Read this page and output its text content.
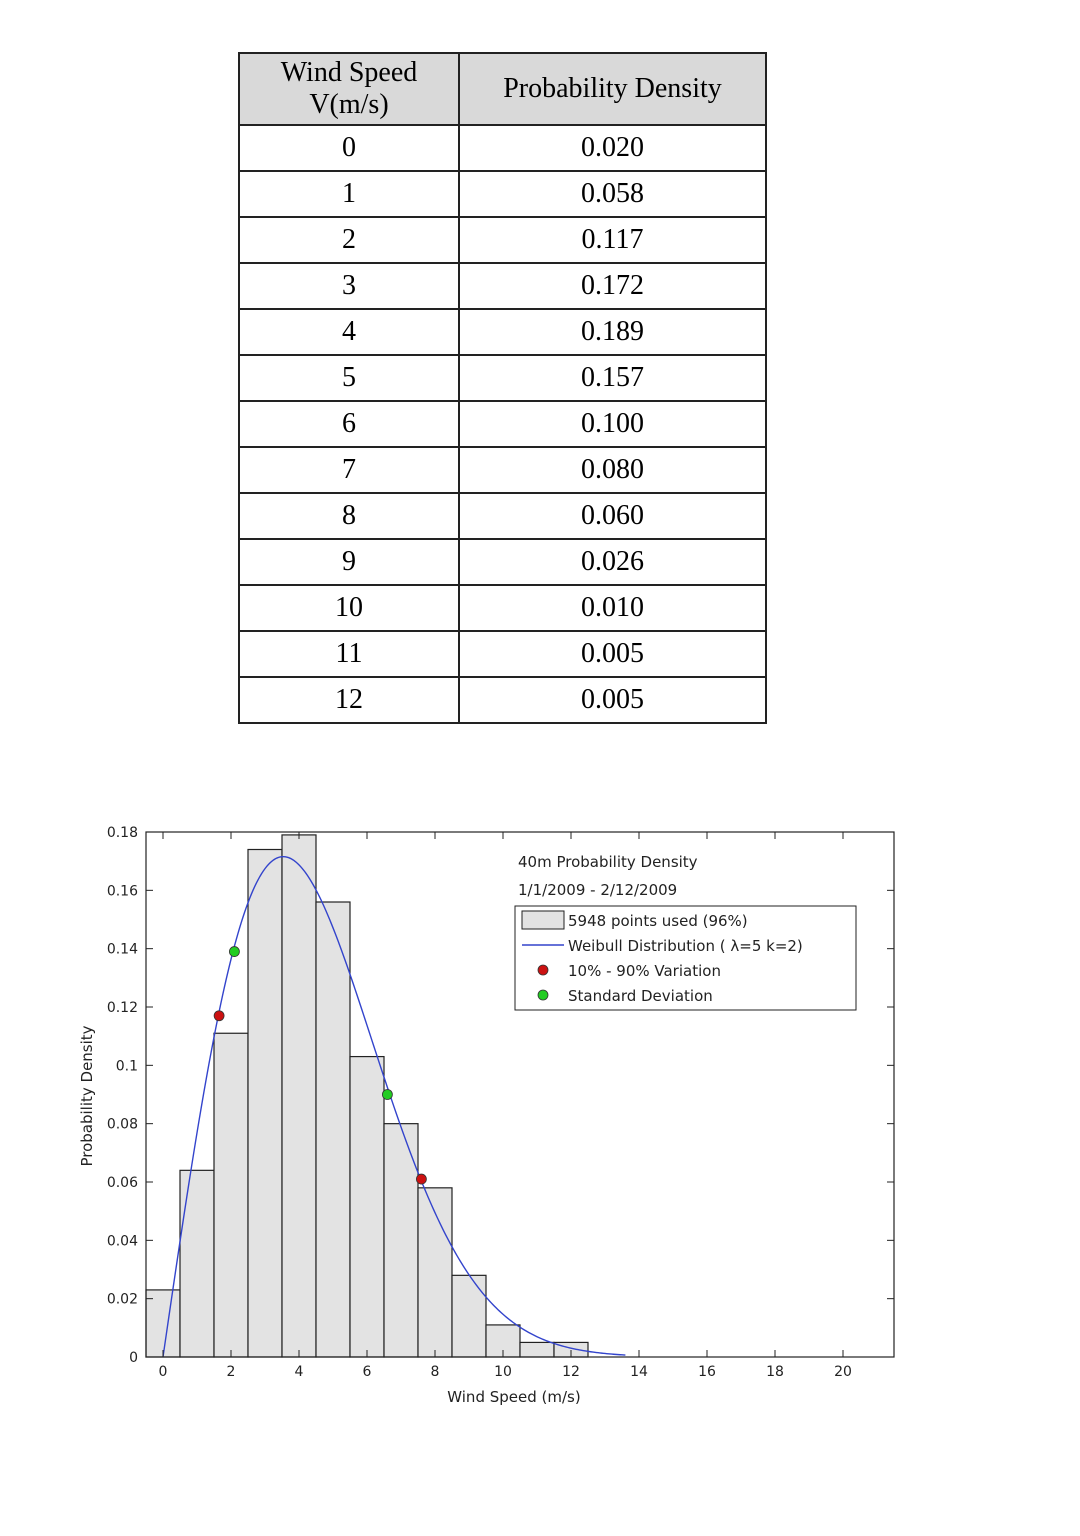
Wind Speed
V(m/s)	Probability Density
0	0.020
1	0.058
2	0.117
3	0.172
4	0.189
5	0.157
6	0.100
7	0.080
8	0.060
9	0.026
10	0.010
11	0.005
12	0.005
0	2	4	6	8	10	12	14	16	18	20
0
0.02
0.04
0.06
0.08
0.1
0.12
0.14
0.16
0.18
Wind Speed (m/s)
Probability Density
40m Probability Density
1/1/2009 - 2/12/2009
5948 points used (96%)
Weibull Distribution ( λ=5 k=2)
10% - 90% Variation
Standard Deviation
